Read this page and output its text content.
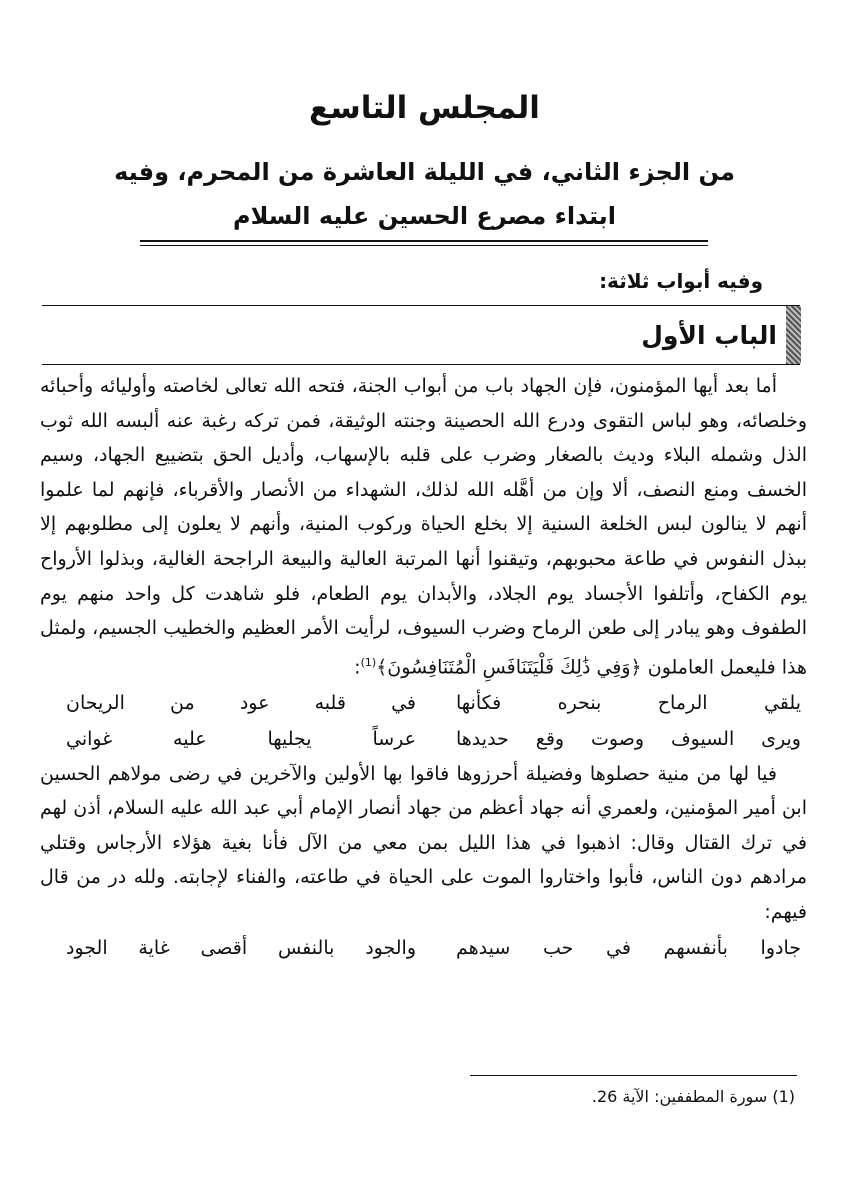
المجلس التاسع
من الجزء الثاني، في الليلة العاشرة من المحرم، وفيه
ابتداء مصرع الحسين عليه السلام
وفيه أبواب ثلاثة:
الباب الأول

أما بعد أيها المؤمنون، فإن الجهاد باب من أبواب الجنة، فتحه الله تعالى لخاصته وأوليائه وأحبائه وخلصائه، وهو لباس التقوى ودرع الله الحصينة وجنته الوثيقة، فمن تركه رغبة عنه ألبسه الله ثوب الذل وشمله البلاء وديث بالصغار وضرب على قلبه بالإسهاب، وأديل الحق بتضييع الجهاد، وسيم الخسف ومنع النصف، ألا وإن من أهَّله الله لذلك، الشهداء من الأنصار والأقرباء، فإنهم لما علموا أنهم لا ينالون لبس الخلعة السنية إلا بخلع الحياة وركوب المنية، وأنهم لا يعلون إلى مطلوبهم إلا ببذل النفوس في طاعة محبوبهم، وتيقنوا أنها المرتبة العالية والبيعة الراجحة الغالية، وبذلوا الأرواح يوم الكفاح، وأتلفوا الأجساد يوم الجلاد، والأبدان يوم الطعام، فلو شاهدت كل واحد منهم يوم الطفوف وهو يبادر إلى طعن الرماح وضرب السيوف، لرأيت الأمر العظيم والخطيب الجسيم، ولمثل هذا فليعمل العاملون ﴿وَفِي ذَٰلِكَ فَلْيَتَنَافَسِ الْمُتَنَافِسُونَ﴾$^{(1)}$:

يلقي الرماح بنحره فكأنها
في قلبه عود من الريحان
ويرى السيوف وصوت وقع حديدها
عرساً يجليها عليه غواني

فيا لها من منية حصلوها وفضيلة أحرزوها فاقوا بها الأولين والآخرين في رضى مولاهم الحسين ابن أمير المؤمنين، ولعمري أنه جهاد أعظم من جهاد أنصار الإمام أبي عبد الله عليه السلام، أذن لهم في ترك القتال وقال: اذهبوا في هذا الليل بمن معي من الآل فأنا بغية هؤلاء الأرجاس وقتلي مرادهم دون الناس، فأبوا واختاروا الموت على الحياة في طاعته، والفناء لإجابته. ولله در من قال فيهم:

جادوا بأنفسهم في حب سيدهم
والجود بالنفس أقصى غاية الجود
(1) سورة المطففين: الآية 26.
